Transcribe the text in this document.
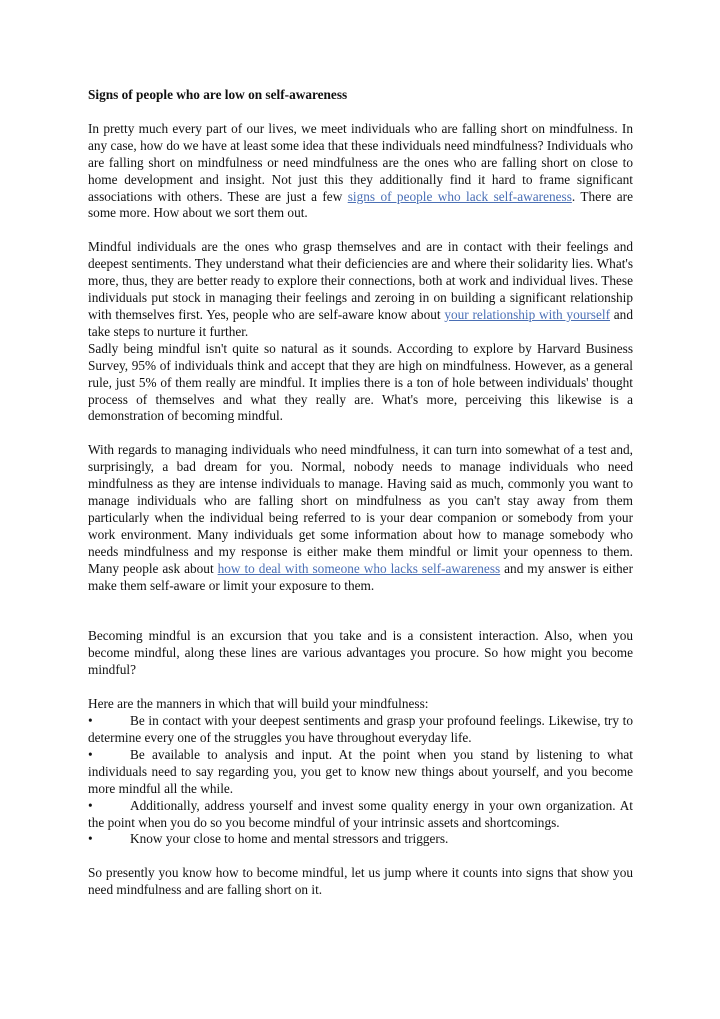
Signs of people who are low on self-awareness

In pretty much every part of our lives, we meet individuals who are falling short on mindfulness. In any case, how do we have at least some idea that these individuals need mindfulness? Individuals who are falling short on mindfulness or need mindfulness are the ones who are falling short on close to home development and insight. Not just this they additionally find it hard to frame significant associations with others. These are just a few signs of people who lack self-awareness. There are some more. How about we sort them out.

Mindful individuals are the ones who grasp themselves and are in contact with their feelings and deepest sentiments. They understand what their deficiencies are and where their solidarity lies. What's more, thus, they are better ready to explore their connections, both at work and individual lives. These individuals put stock in managing their feelings and zeroing in on building a significant relationship with themselves first. Yes, people who are self-aware know about your relationship with yourself and take steps to nurture it further.

Sadly being mindful isn't quite so natural as it sounds. According to explore by Harvard Business Survey, 95% of individuals think and accept that they are high on mindfulness. However, as a general rule, just 5% of them really are mindful. It implies there is a ton of hole between individuals' thought process of themselves and what they really are. What's more, perceiving this likewise is a demonstration of becoming mindful.

With regards to managing individuals who need mindfulness, it can turn into somewhat of a test and, surprisingly, a bad dream for you. Normal, nobody needs to manage individuals who need mindfulness as they are intense individuals to manage. Having said as much, commonly you want to manage individuals who are falling short on mindfulness as you can't stay away from them particularly when the individual being referred to is your dear companion or somebody from your work environment. Many individuals get some information about how to manage somebody who needs mindfulness and my response is either make them mindful or limit your openness to them. Many people ask about how to deal with someone who lacks self-awareness and my answer is either make them self-aware or limit your exposure to them.

Becoming mindful is an excursion that you take and is a consistent interaction. Also, when you become mindful, along these lines are various advantages you procure. So how might you become mindful?

Here are the manners in which that will build your mindfulness:

•	Be in contact with your deepest sentiments and grasp your profound feelings. Likewise, try to determine every one of the struggles you have throughout everyday life.

•	Be available to analysis and input. At the point when you stand by listening to what individuals need to say regarding you, you get to know new things about yourself, and you become more mindful all the while.

•	Additionally, address yourself and invest some quality energy in your own organization. At the point when you do so you become mindful of your intrinsic assets and shortcomings.

•	Know your close to home and mental stressors and triggers.

So presently you know how to become mindful, let us jump where it counts into signs that show you need mindfulness and are falling short on it.
